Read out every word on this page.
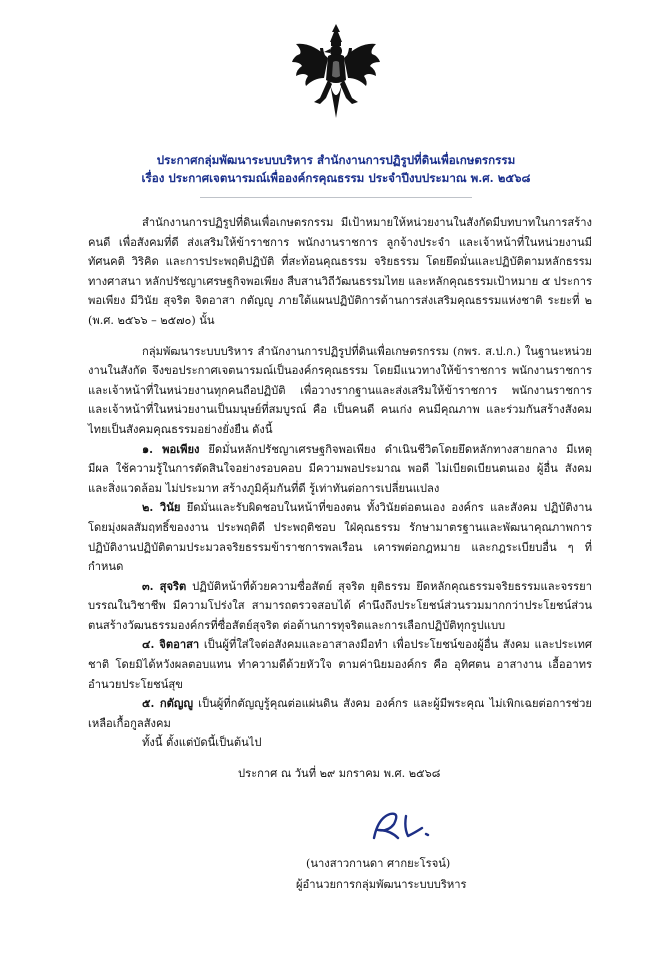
ประกาศกลุ่มพัฒนาระบบบริหาร สำนักงานการปฏิรูปที่ดินเพื่อเกษตรกรรม
เรื่อง ประกาศเจตนารมณ์เพื่อองค์กรคุณธรรม ประจำปีงบประมาณ พ.ศ. ๒๕๖๘

สำนักงานการปฏิรูปที่ดินเพื่อเกษตรกรรม มีเป้าหมายให้หน่วยงานในสังกัดมีบทบาทในการสร้างคนดี เพื่อสังคมที่ดี ส่งเสริมให้ข้าราชการ พนักงานราชการ ลูกจ้างประจำ และเจ้าหน้าที่ในหน่วยงานมีทัศนคติ วิริคิด และการประพฤติปฏิบัติ ที่สะท้อนคุณธรรม จริยธรรม โดยยึดมั่นและปฏิบัติตามหลักธรรมทางศาสนา หลักปรัชญาเศรษฐกิจพอเพียง สืบสานวิถีวัฒนธรรมไทย และหลักคุณธรรมเป้าหมาย ๕ ประการ พอเพียง มีวินัย สุจริต จิตอาสา กตัญญู ภายใต้แผนปฏิบัติการด้านการส่งเสริมคุณธรรมแห่งชาติ ระยะที่ ๒ (พ.ศ. ๒๕๖๖ – ๒๕๗๐) นั้น

กลุ่มพัฒนาระบบบริหาร สำนักงานการปฏิรูปที่ดินเพื่อเกษตรกรรม (กพร. ส.ป.ก.) ในฐานะหน่วยงานในสังกัด จึงขอประกาศเจตนารมณ์เป็นองค์กรคุณธรรม โดยมีแนวทางให้ข้าราชการ พนักงานราชการ และเจ้าหน้าที่ในหน่วยงานทุกคนถือปฏิบัติ เพื่อวางรากฐานและส่งเสริมให้ข้าราชการ พนักงานราชการ และเจ้าหน้าที่ในหน่วยงานเป็นมนุษย์ที่สมบูรณ์ คือ เป็นคนดี คนเก่ง คนมีคุณภาพ และร่วมกันสร้างสังคมไทยเป็นสังคมคุณธรรมอย่างยั่งยืน ดังนี้

๑. พอเพียง ยึดมั่นหลักปรัชญาเศรษฐกิจพอเพียง ดำเนินชีวิตโดยยึดหลักทางสายกลาง มีเหตุ มีผล ใช้ความรู้ในการตัดสินใจอย่างรอบคอบ มีความพอประมาณ พอดี ไม่เบียดเบียนตนเอง ผู้อื่น สังคม และสิ่งแวดล้อม ไม่ประมาท สร้างภูมิคุ้มกันที่ดี รู้เท่าทันต่อการเปลี่ยนแปลง

๒. วินัย ยึดมั่นและรับผิดชอบในหน้าที่ของตน ทั้งวินัยต่อตนเอง องค์กร และสังคม ปฏิบัติงานโดยมุ่งผลสัมฤทธิ์ของงาน ประพฤติดี ประพฤติชอบ ใฝ่คุณธรรม รักษามาตรฐานและพัฒนาคุณภาพการปฏิบัติงานปฏิบัติตามประมวลจริยธรรมข้าราชการพลเรือน เคารพต่อกฎหมาย และกฎระเบียบอื่น ๆ ที่กำหนด

๓. สุจริต ปฏิบัติหน้าที่ด้วยความซื่อสัตย์ สุจริต ยุติธรรม ยึดหลักคุณธรรมจริยธรรมและจรรยาบรรณในวิชาชีพ มีความโปร่งใส สามารถตรวจสอบได้ คำนึงถึงประโยชน์ส่วนรวมมากกว่าประโยชน์ส่วนตนสร้างวัฒนธรรมองค์กรที่ซื่อสัตย์สุจริต ต่อต้านการทุจริตและการเลือกปฏิบัติทุกรูปแบบ

๔. จิตอาสา เป็นผู้ที่ใส่ใจต่อสังคมและอาสาลงมือทำ เพื่อประโยชน์ของผู้อื่น สังคม และประเทศชาติ โดยมิได้หวังผลตอบแทน ทำความดีด้วยหัวใจ ตามค่านิยมองค์กร คือ อุทิศตน อาสางาน เอื้ออาทร อำนวยประโยชน์สุข

๕. กตัญญู เป็นผู้ที่กตัญญูรู้คุณต่อแผ่นดิน สังคม องค์กร และผู้มีพระคุณ ไม่เพิกเฉยต่อการช่วยเหลือเกื้อกูลสังคม

ทั้งนี้ ตั้งแต่บัดนี้เป็นต้นไป

ประกาศ ณ วันที่ ๒๙ มกราคม พ.ศ. ๒๕๖๘

(นางสาวกานดา ศากยะโรจน์)
ผู้อำนวยการกลุ่มพัฒนาระบบบริหาร
